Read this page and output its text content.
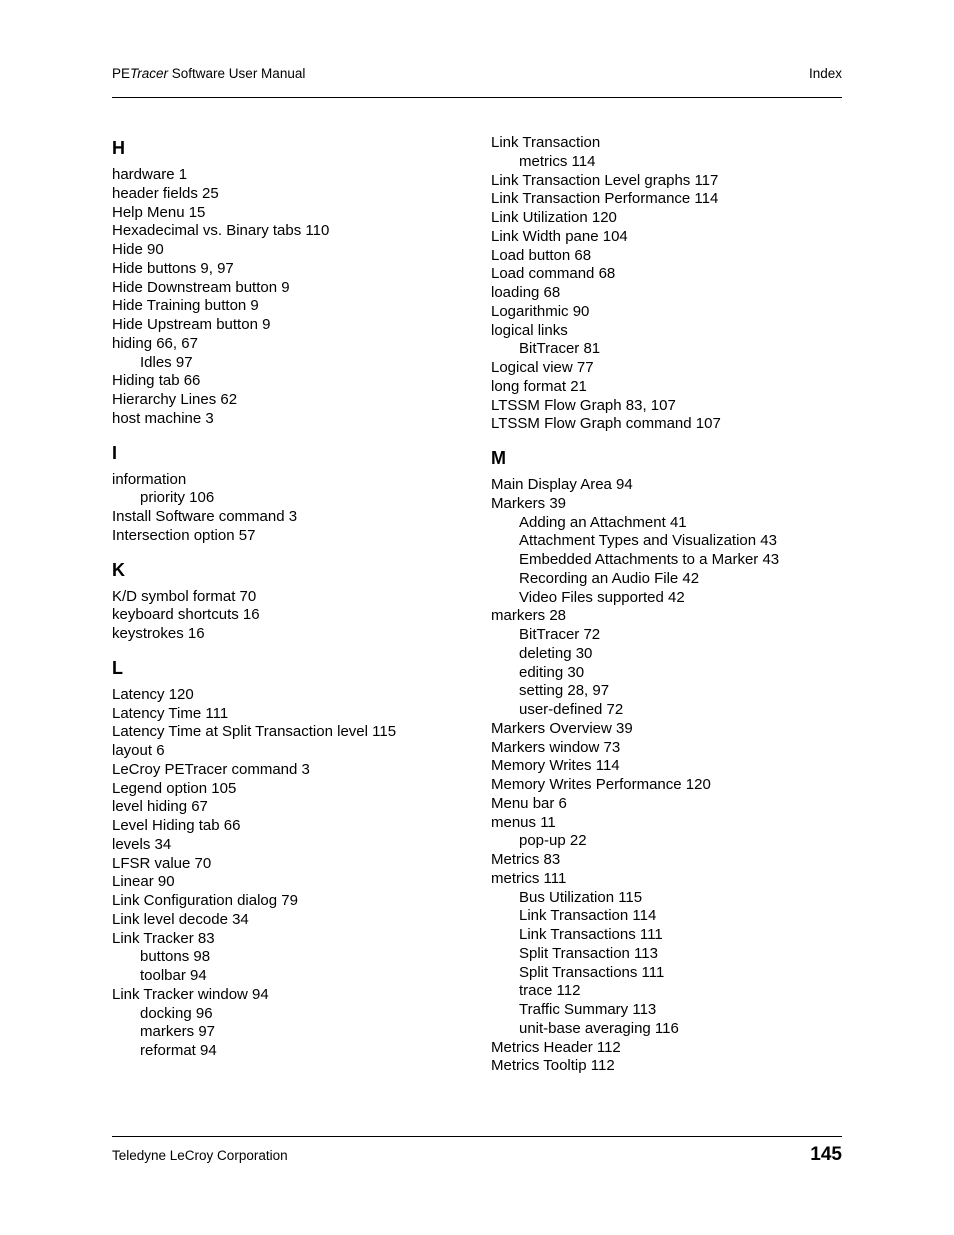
PETracer Software User Manual	Index
H
hardware 1
header fields 25
Help Menu 15
Hexadecimal vs. Binary tabs 110
Hide 90
Hide buttons 9, 97
Hide Downstream button 9
Hide Training button 9
Hide Upstream button 9
hiding 66, 67
Idles 97
Hiding tab 66
Hierarchy Lines 62
host machine 3
I
information
priority 106
Install Software command 3
Intersection option 57
K
K/D symbol format 70
keyboard shortcuts 16
keystrokes 16
L
Latency 120
Latency Time 111
Latency Time at Split Transaction level 115
layout 6
LeCroy PETracer command 3
Legend option 105
level hiding 67
Level Hiding tab 66
levels 34
LFSR value 70
Linear 90
Link Configuration dialog 79
Link level decode 34
Link Tracker 83
buttons 98
toolbar 94
Link Tracker window 94
docking 96
markers 97
reformat 94
Link Transaction
metrics 114
Link Transaction Level graphs 117
Link Transaction Performance 114
Link Utilization 120
Link Width pane 104
Load button 68
Load command 68
loading 68
Logarithmic 90
logical links
BitTracer 81
Logical view 77
long format 21
LTSSM Flow Graph 83, 107
LTSSM Flow Graph command 107
M
Main Display Area 94
Markers 39
Adding an Attachment 41
Attachment Types and Visualization 43
Embedded Attachments to a Marker 43
Recording an Audio File 42
Video Files supported 42
markers 28
BitTracer 72
deleting 30
editing 30
setting 28, 97
user-defined 72
Markers Overview 39
Markers window 73
Memory Writes 114
Memory Writes Performance 120
Menu bar 6
menus 11
pop-up 22
Metrics 83
metrics 111
Bus Utilization 115
Link Transaction 114
Link Transactions 111
Split Transaction 113
Split Transactions 111
trace 112
Traffic Summary 113
unit-base averaging 116
Metrics Header 112
Metrics Tooltip 112
Teledyne LeCroy Corporation	145
